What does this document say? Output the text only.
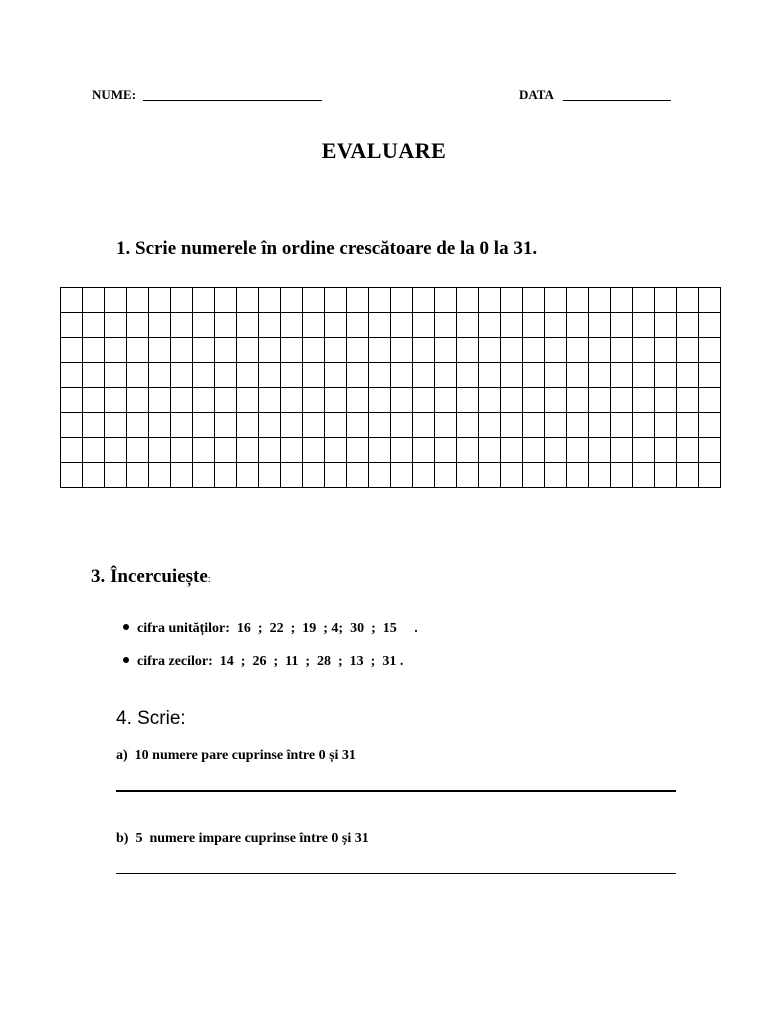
NUME:	DATA
EVALUARE
1. Scrie numerele în ordine crescătoare de la 0 la 31.

3. Încercuiește:

cifra unităților: 16  ;  22  ;  19  ; 4;  30  ;  15     .

cifra zecilor: 14  ;  26  ;  11  ;  28  ;  13  ;  31 .

4. Scrie:
a)  10 numere pare cuprinse între 0 și 31
b)  5  numere impare cuprinse între 0 și 31
